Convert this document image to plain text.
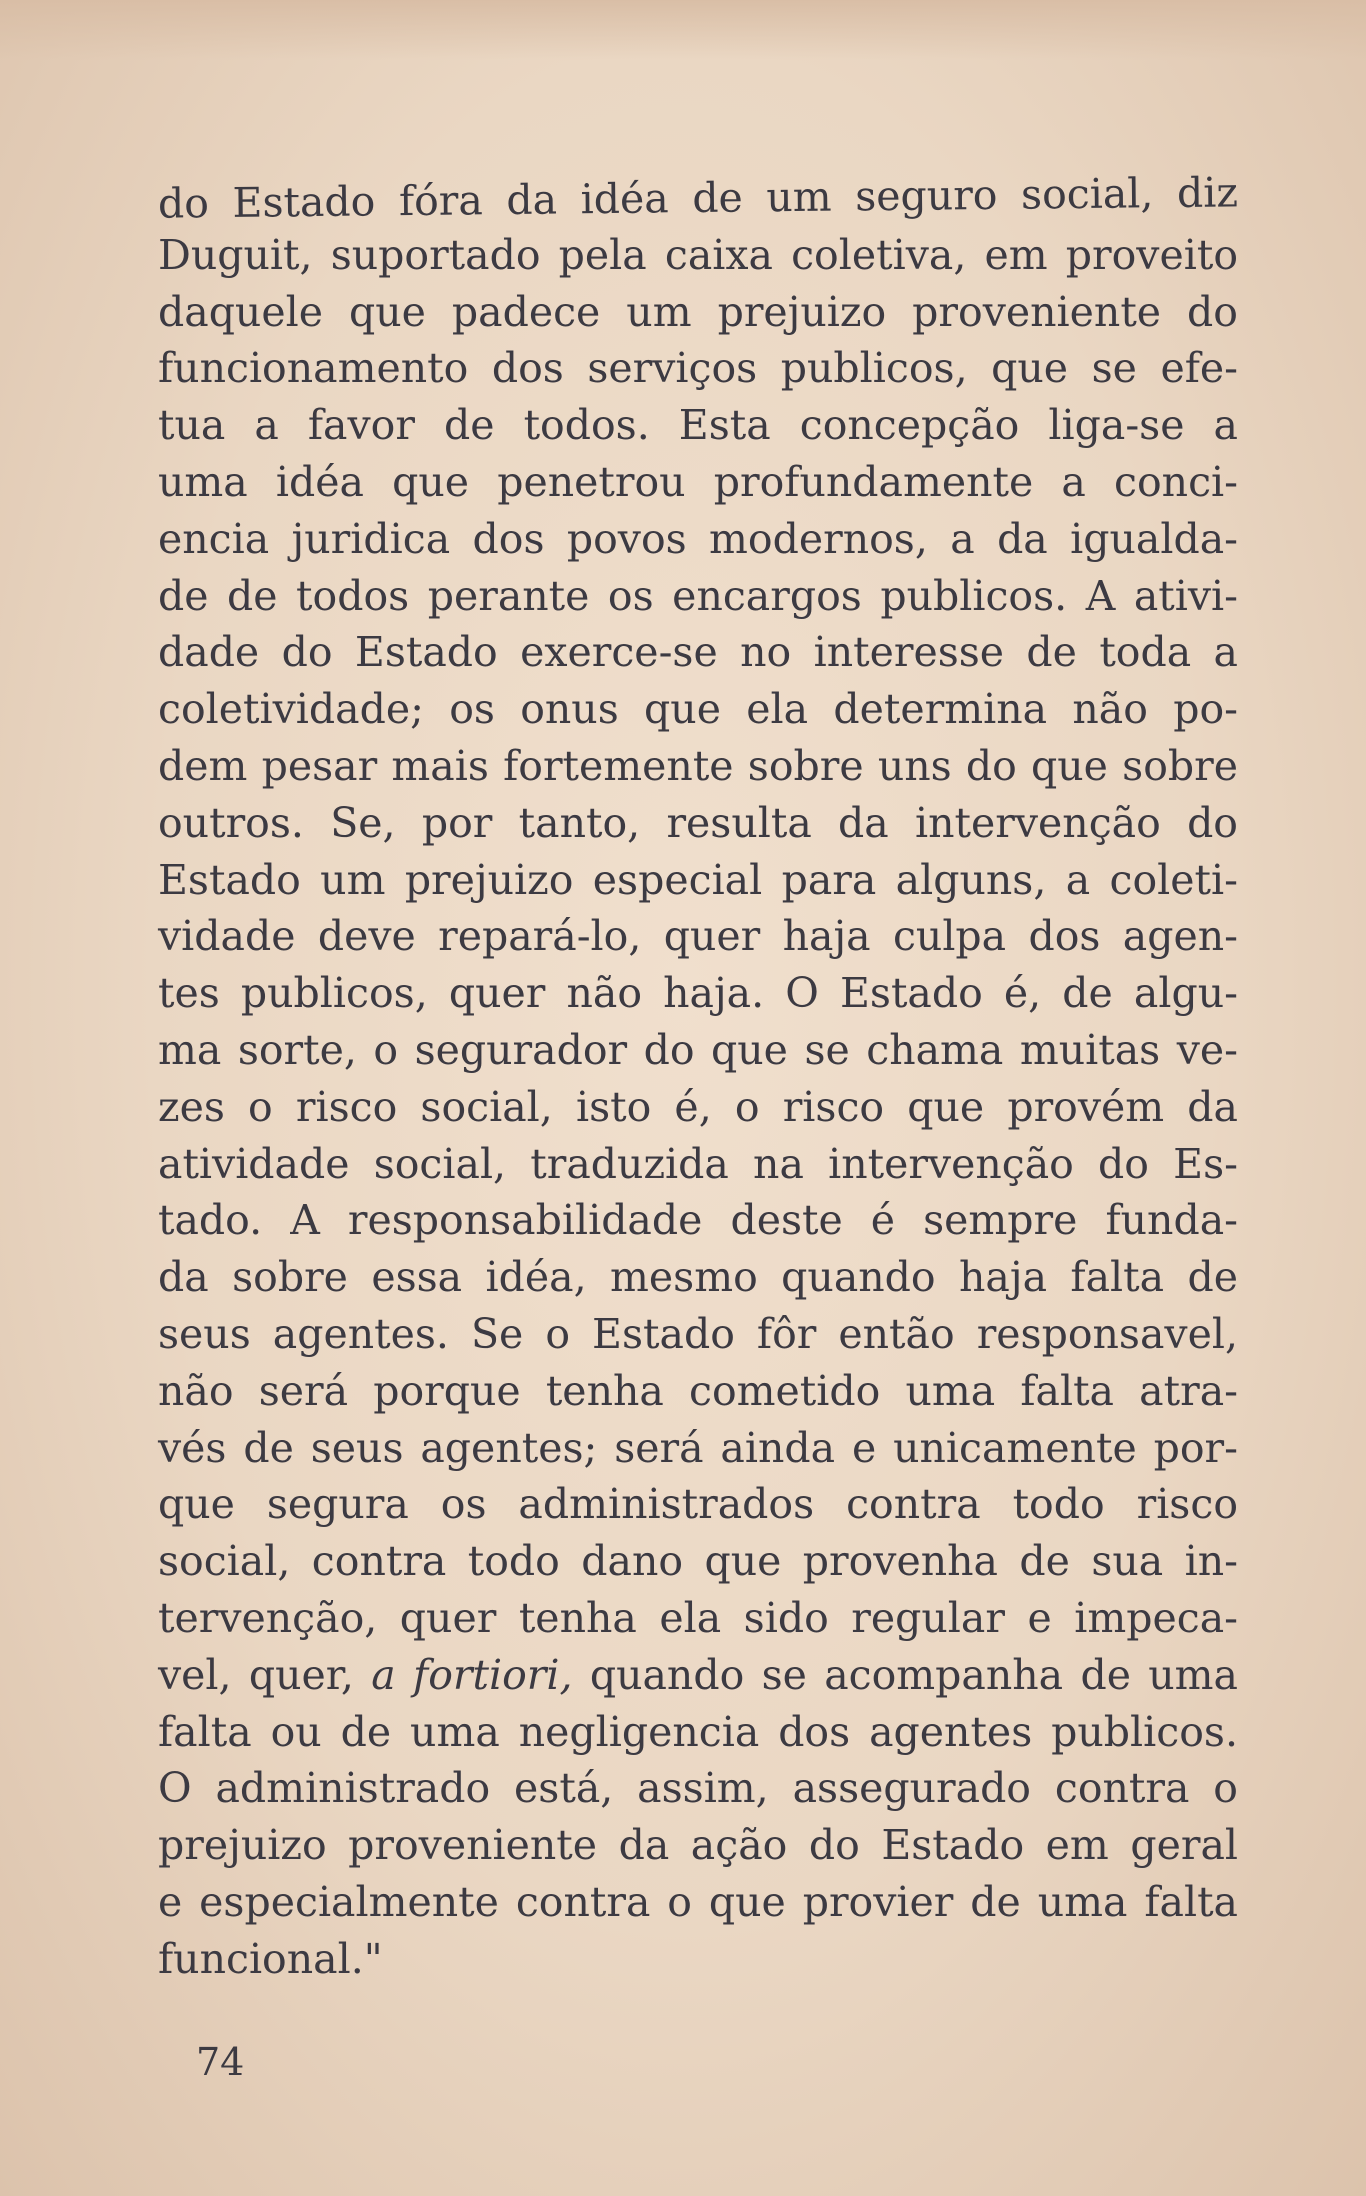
do Estado fóra da idéa de um seguro social, diz
Duguit, suportado pela caixa coletiva, em proveito
daquele que padece um prejuizo proveniente do
funcionamento dos serviços publicos, que se efe-
tua a favor de todos. Esta concepção liga-se a
uma idéa que penetrou profundamente a conci-
encia juridica dos povos modernos, a da igualda-
de de todos perante os encargos publicos. A ativi-
dade do Estado exerce-se no interesse de toda a
coletividade; os onus que ela determina não po-
dem pesar mais fortemente sobre uns do que sobre
outros. Se, por tanto, resulta da intervenção do
Estado um prejuizo especial para alguns, a coleti-
vidade deve repará-lo, quer haja culpa dos agen-
tes publicos, quer não haja. O Estado é, de algu-
ma sorte, o segurador do que se chama muitas ve-
zes o risco social, isto é, o risco que provém da
atividade social, traduzida na intervenção do Es-
tado. A responsabilidade deste é sempre funda-
da sobre essa idéa, mesmo quando haja falta de
seus agentes. Se o Estado fôr então responsavel,
não será porque tenha cometido uma falta atra-
vés de seus agentes; será ainda e unicamente por-
que segura os administrados contra todo risco
social, contra todo dano que provenha de sua in-
tervenção, quer tenha ela sido regular e impeca-
vel, quer, a fortiori, quando se acompanha de uma
falta ou de uma negligencia dos agentes publicos.
O administrado está, assim, assegurado contra o
prejuizo proveniente da ação do Estado em geral
e especialmente contra o que provier de uma falta
funcional."
74
